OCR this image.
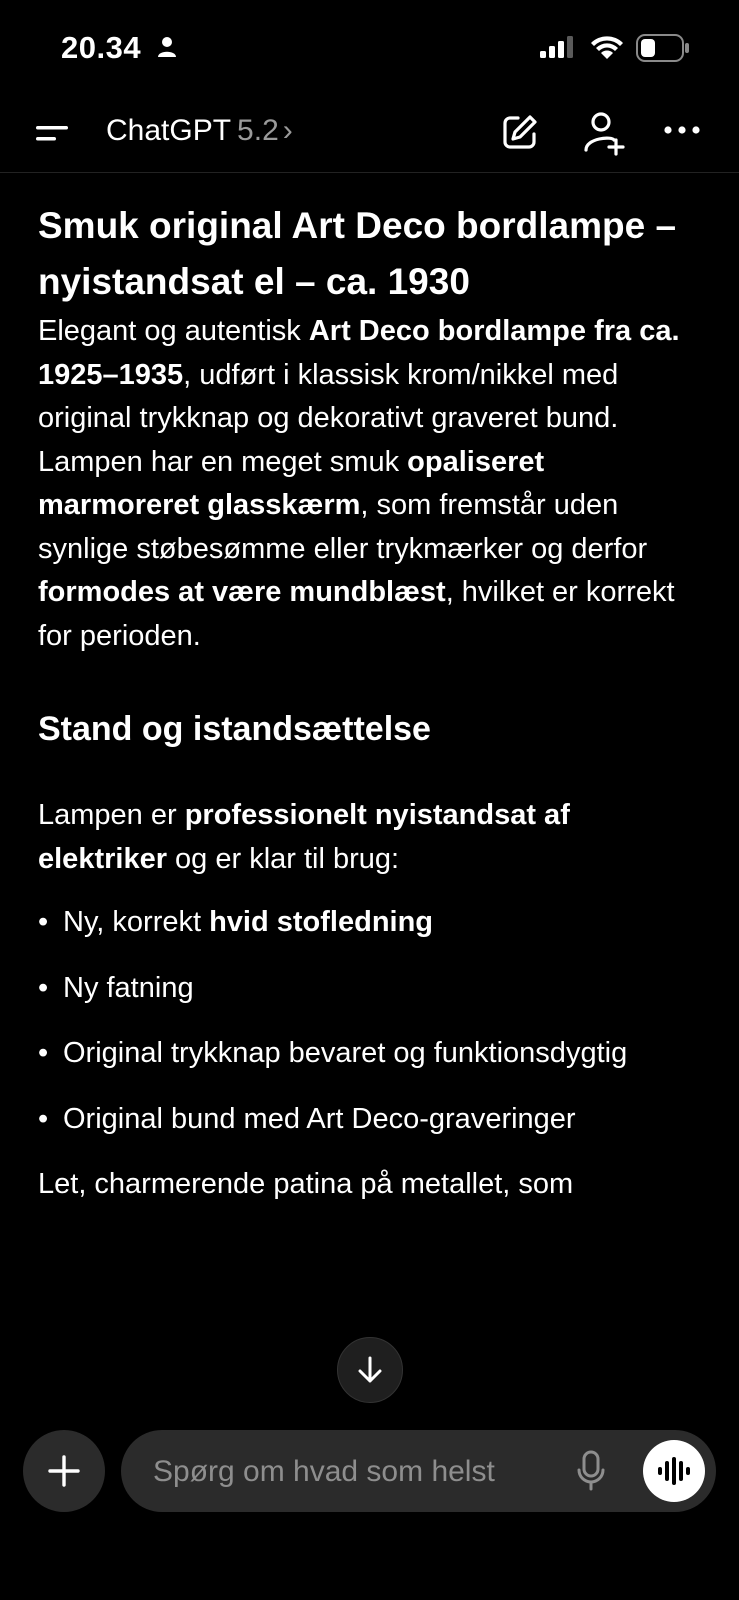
20.34
ChatGPT 5.2 ›
Smuk original Art Deco bordlampe – nyistandsat el – ca. 1930

Elegant og autentisk Art Deco bordlampe fra ca. 1925–1935, udført i klassisk krom/nikkel med original trykknap og dekorativt graveret bund.

Lampen har en meget smuk opaliseret marmoreret glasskærm, som fremstår uden synlige støbesømme eller trykmærker og derfor formodes at være mundblæst, hvilket er korrekt for perioden.

Stand og istandsættelse

Lampen er professionelt nyistandsat af elektriker og er klar til brug:

• Ny, korrekt hvid stofledning
• Ny fatning
• Original trykknap bevaret og funktionsdygtig
• Original bund med Art Deco-graveringer

Let, charmerende patina på metallet, som

Spørg om hvad som helst
